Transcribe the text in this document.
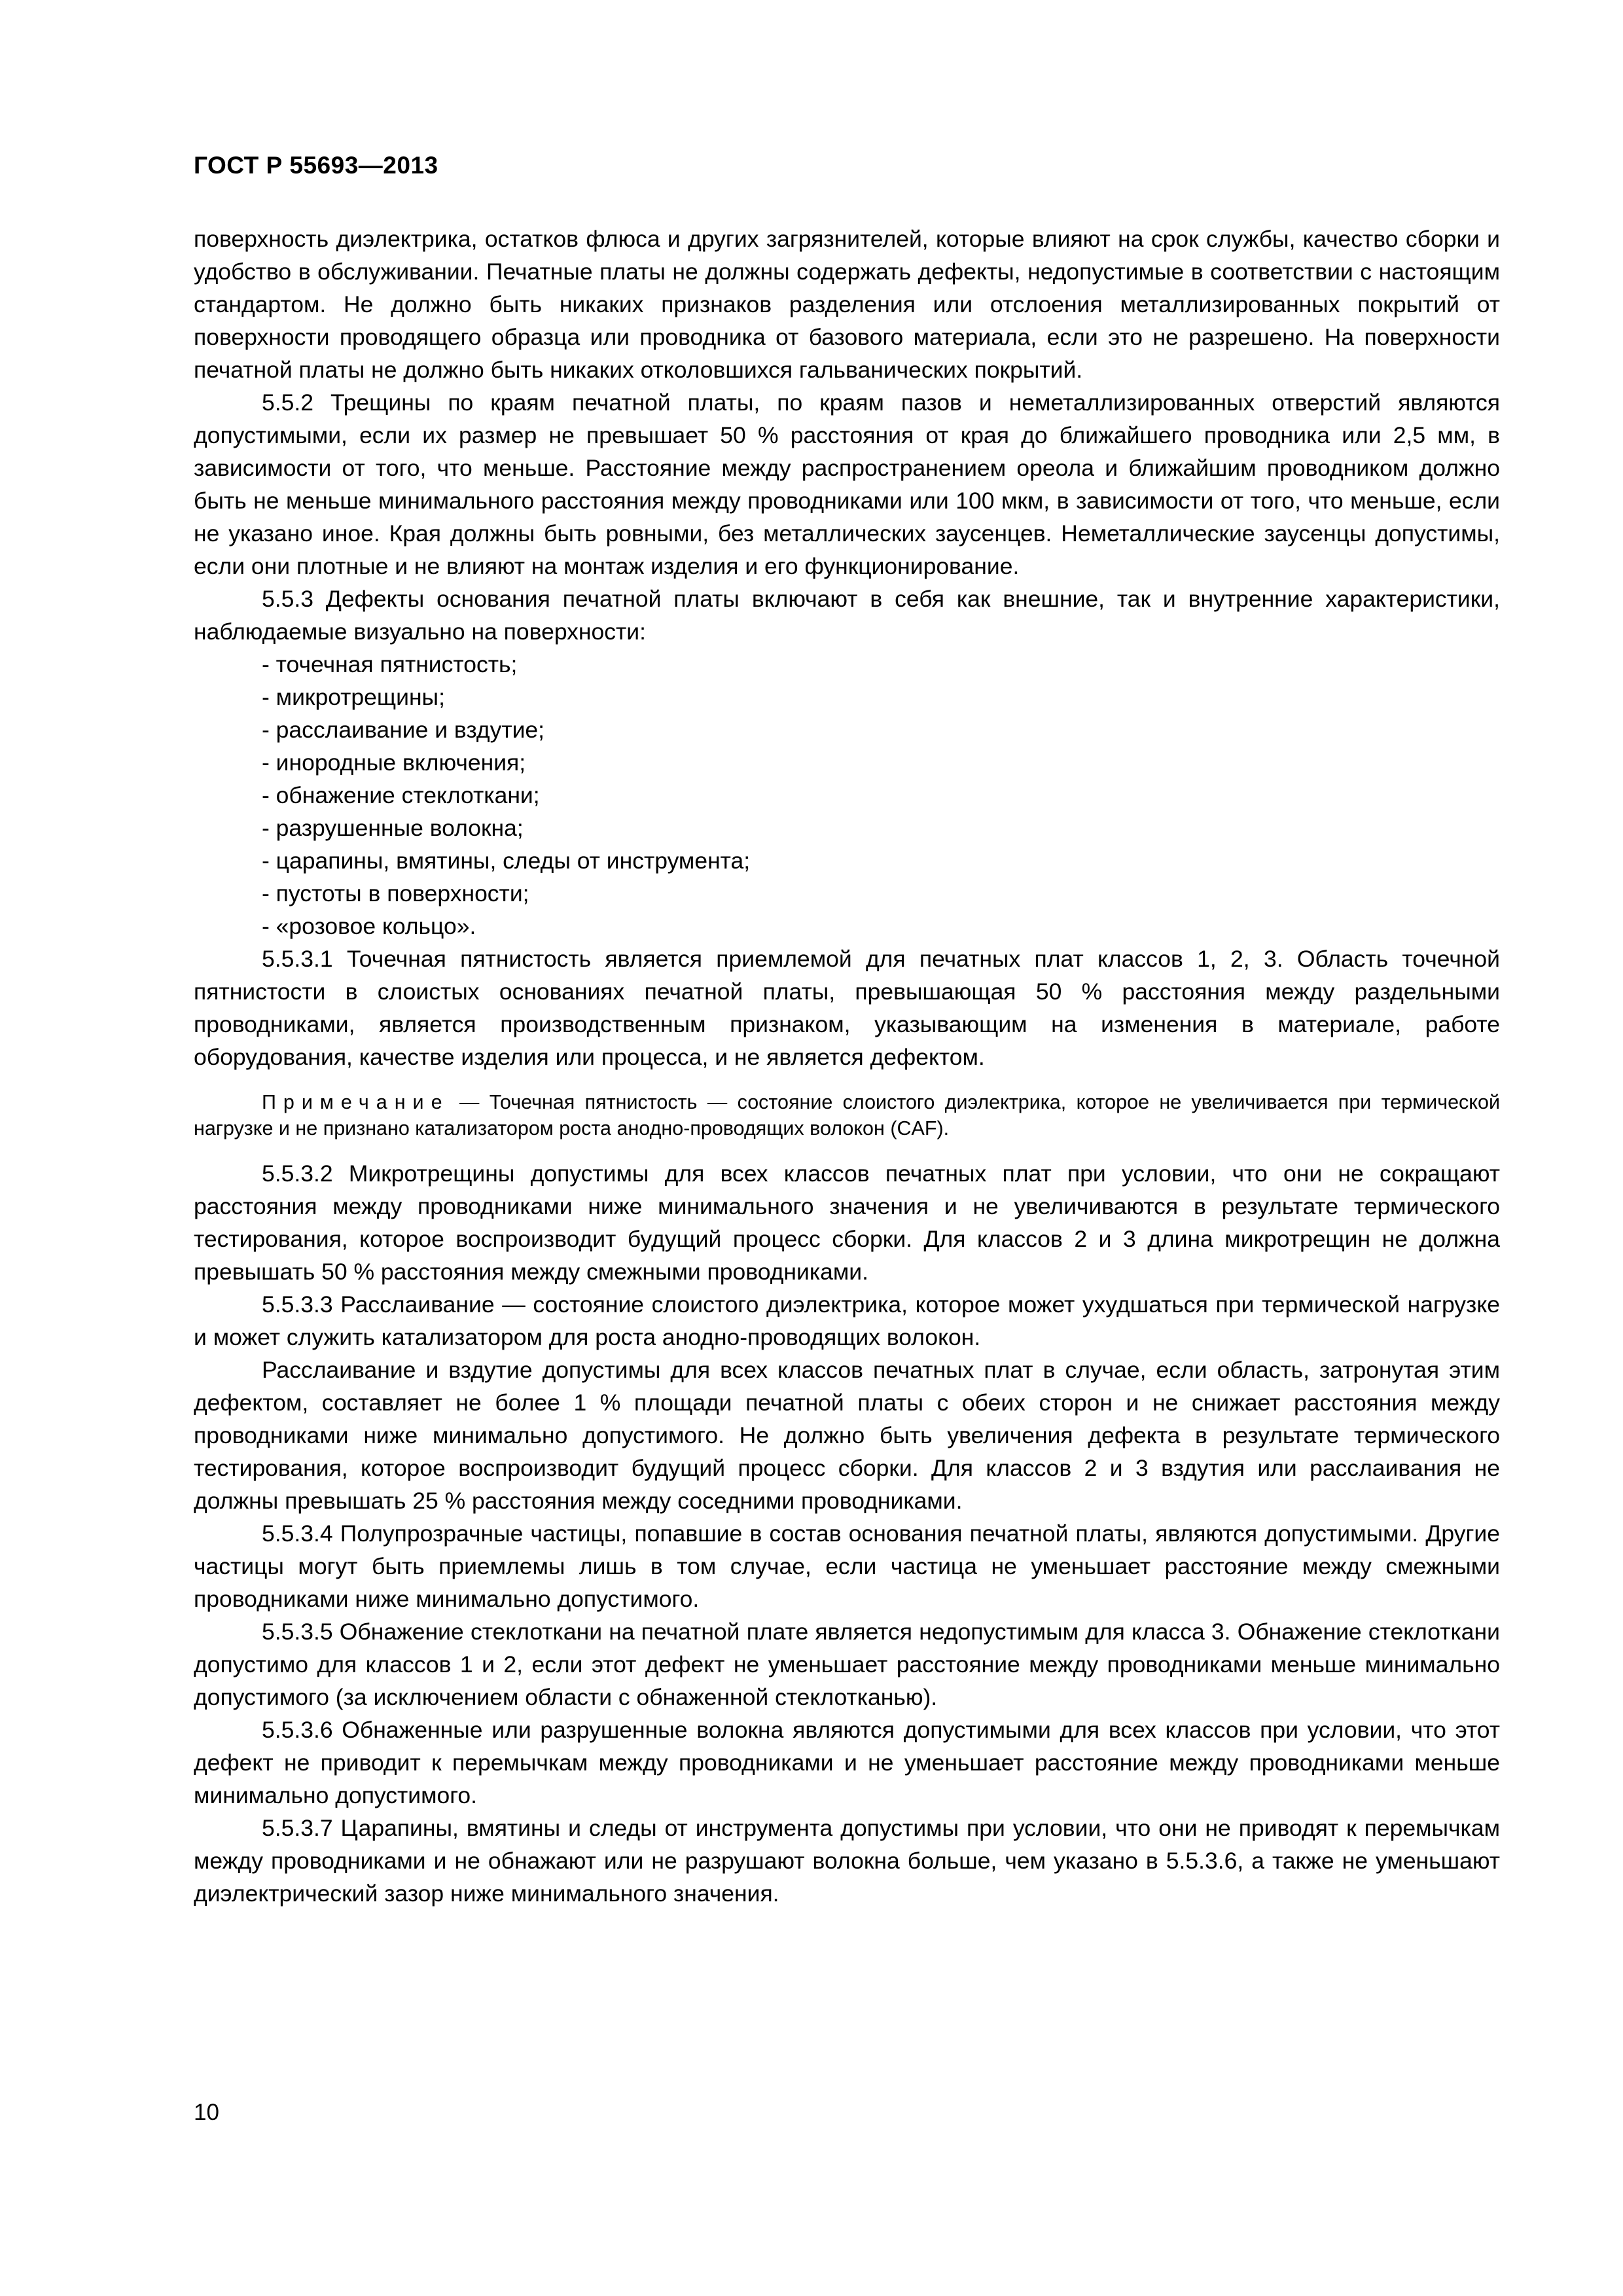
ГОСТ Р 55693—2013

поверхность диэлектрика, остатков флюса и других загрязнителей, которые влияют на срок службы, качество сборки и удобство в обслуживании. Печатные платы не должны содержать дефекты, недопустимые в соответствии с настоящим стандартом. Не должно быть никаких признаков разделения или отслоения металлизированных покрытий от поверхности проводящего образца или проводника от базового материала, если это не разрешено. На поверхности печатной платы не должно быть никаких отколовшихся гальванических покрытий.

5.5.2 Трещины по краям печатной платы, по краям пазов и неметаллизированных отверстий являются допустимыми, если их размер не превышает 50 % расстояния от края до ближайшего проводника или 2,5 мм, в зависимости от того, что меньше. Расстояние между распространением ореола и ближайшим проводником должно быть не меньше минимального расстояния между проводниками или 100 мкм, в зависимости от того, что меньше, если не указано иное. Края должны быть ровными, без металлических заусенцев. Неметаллические заусенцы допустимы, если они плотные и не влияют на монтаж изделия и его функционирование.

5.5.3 Дефекты основания печатной платы включают в себя как внешние, так и внутренние характеристики, наблюдаемые визуально на поверхности:

- точечная пятнистость;

- микротрещины;

- расслаивание и вздутие;

- инородные включения;

- обнажение стеклоткани;

- разрушенные волокна;

- царапины, вмятины, следы от инструмента;

- пустоты в поверхности;

- «розовое кольцо».

5.5.3.1 Точечная пятнистость является приемлемой для печатных плат классов 1, 2, 3. Область точечной пятнистости в слоистых основаниях печатной платы, превышающая 50 % расстояния между раздельными проводниками, является производственным признаком, указывающим на изменения в материале, работе оборудования, качестве изделия или процесса, и не является дефектом.

Примечание — Точечная пятнистость — состояние слоистого диэлектрика, которое не увеличивается при термической нагрузке и не признано катализатором роста анодно-проводящих волокон (CAF).

5.5.3.2 Микротрещины допустимы для всех классов печатных плат при условии, что они не сокращают расстояния между проводниками ниже минимального значения и не увеличиваются в результате термического тестирования, которое воспроизводит будущий процесс сборки. Для классов 2 и 3 длина микротрещин не должна превышать 50 % расстояния между смежными проводниками.

5.5.3.3 Расслаивание — состояние слоистого диэлектрика, которое может ухудшаться при термической нагрузке и может служить катализатором для роста анодно-проводящих волокон.

Расслаивание и вздутие допустимы для всех классов печатных плат в случае, если область, затронутая этим дефектом, составляет не более 1 % площади печатной платы с обеих сторон и не снижает расстояния между проводниками ниже минимально допустимого. Не должно быть увеличения дефекта в результате термического тестирования, которое воспроизводит будущий процесс сборки. Для классов 2 и 3 вздутия или расслаивания не должны превышать 25 % расстояния между соседними проводниками.

5.5.3.4 Полупрозрачные частицы, попавшие в состав основания печатной платы, являются допустимыми. Другие частицы могут быть приемлемы лишь в том случае, если частица не уменьшает расстояние между смежными проводниками ниже минимально допустимого.

5.5.3.5 Обнажение стеклоткани на печатной плате является недопустимым для класса 3. Обнажение стеклоткани допустимо для классов 1 и 2, если этот дефект не уменьшает расстояние между проводниками меньше минимально допустимого (за исключением области с обнаженной стеклотканью).

5.5.3.6 Обнаженные или разрушенные волокна являются допустимыми для всех классов при условии, что этот дефект не приводит к перемычкам между проводниками и не уменьшает расстояние между проводниками меньше минимально допустимого.

5.5.3.7 Царапины, вмятины и следы от инструмента допустимы при условии, что они не приводят к перемычкам между проводниками и не обнажают или не разрушают волокна больше, чем указано в 5.5.3.6, а также не уменьшают диэлектрический зазор ниже минимального значения.

10
